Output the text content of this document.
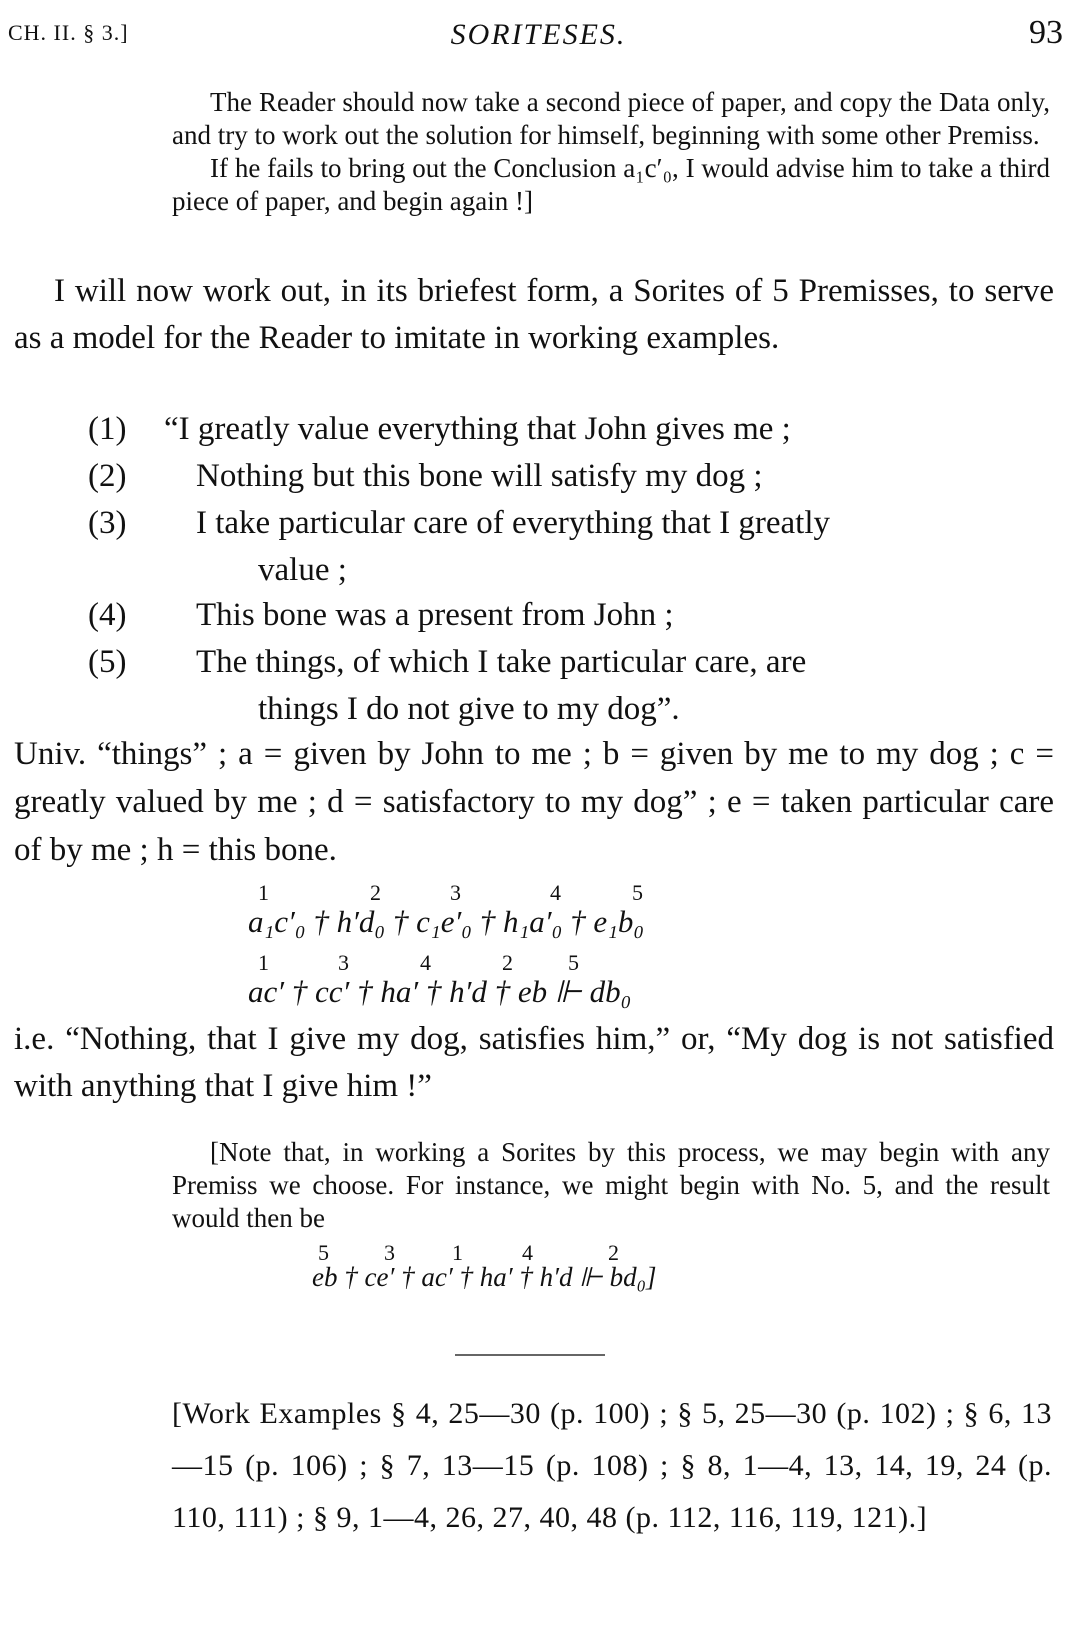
CH. II. § 3.]	SORITESES.	93

The Reader should now take a second piece of paper, and copy the Data only, and try to work out the solution for himself, beginning with some other Premiss.

If he fails to bring out the Conclusion a₁c′₀, I would advise him to take a third piece of paper, and begin again !]

I will now work out, in its briefest form, a Sorites of 5 Premisses, to serve as a model for the Reader to imitate in working examples.
(1) “I greatly value everything that John gives me ;
(2) Nothing but this bone will satisfy my dog ;
(3) I take particular care of everything that I greatly
value ;
(4) This bone was a present from John ;
(5) The things, of which I take particular care, are
things I do not give to my dog”.
Univ. “things” ; a = given by John to me ; b = given by me to my dog ; c = greatly valued by me ; d = satisfactory to my dog” ; e = taken particular care of by me ; h = this bone.
1	2	3	4	5
a₁c′₀ † h′d₀ † c₁e′₀ † h₁a′₀ † e₁b₀
1	3	4	2	5
ac′ † cc′ † ha′ † h′d † eb ⊩ db₀
i.e. “Nothing, that I give my dog, satisfies him,” or, “My dog is not satisfied with anything that I give him !”

[Note that, in working a Sorites by this process, we may begin with any Premiss we choose. For instance, we might begin with No. 5, and the result would then be

5	3	1	4	2
eb † ce′ † ac′ † ha′ † h′d ⊩ bd₀]
[Work Examples § 4, 25—30 (p. 100) ; § 5, 25—30 (p. 102) ; § 6, 13—15 (p. 106) ; § 7, 13—15 (p. 108) ; § 8, 1—4, 13, 14, 19, 24 (p. 110, 111) ; § 9, 1—4, 26, 27, 40, 48 (p. 112, 116, 119, 121).]
